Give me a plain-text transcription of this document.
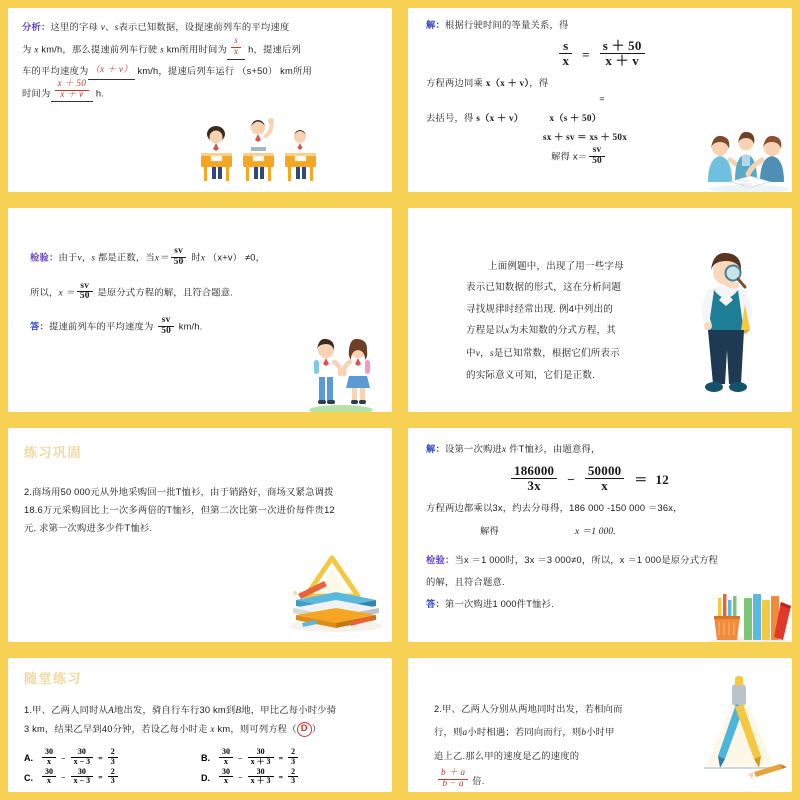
分析：这里的字母 v、s表示已知数据，设提速前列车的平均速度

为 x km/h，那么提速前列车行驶 s km所用时间为 $\frac{s}{x}$ h，提速后列

车的平均速度为 （x ＋ v） km/h，提速后列车运行 （s+50） km所用

时间为 $\frac{x + 50}{x + v} h$.

解：根据行驶时间的等量关系，得

$\frac{s}{x} = \frac{s + 50}{x + v}$

方程两边同乘 x（x ＋ v），得

=

去括号，得 s（x ＋ v）	x（s ＋ 50）

sx ＋ sv ＝ xs ＋ 50x

解得 $x= \frac{sv}{50}$

检验：由于v，s 都是正数，当$x= \frac{sv}{50}$ 时x （x+v） ≠0，

所以，$x = \frac{sv}{50}$ 是原分式方程的解，且符合题意.

答：提速前列车的平均速度为 $\frac{sv}{50} km/h$.

上面例题中，出现了用一些字母

表示已知数据的形式，这在分析问题

寻找规律时经常出现. 例4中列出的

方程是以x为未知数的分式方程，其

中v，s是已知常数，根据它们所表示

的实际意义可知，它们是正数.

练习巩固

2.商场用50 000元从外地采购回一批T恤衫，由于销路好，商场又紧急调拨

18.6万元采购回比上一次多两倍的T恤衫，但第二次比第一次进价每件贵12

元. 求第一次购进多少件T恤衫.

解：设第一次购进x 件T恤衫，由题意得，

$\frac{186000}{3x} - \frac{50000}{x} = 12$

方程两边都乘以3x，约去分母得，186 000 -150 000 ＝36x，

解得	x ＝1 000.

检验：当x ＝1 000时，3x ＝3 000≠0，所以，x ＝1 000是原分式方程

的解，且符合题意.

答：第一次购进1 000件T恤衫.

随堂练习

1.甲、乙两人同时从A地出发，骑自行车行30 km到B地，甲比乙每小时少骑

3 km，结果乙早到40分钟，若设乙每小时走 x km，则可列方程（ D ）

A. $\frac{30}{x} - \frac{30}{x - 3} = \frac{2}{3}$	B. $\frac{30}{x} - \frac{30}{x + 3} = \frac{2}{3}$
C. $\frac{30}{x} - \frac{30}{x - 3} = \frac{2}{3}$	D. $\frac{30}{x} - \frac{30}{x + 3} = \frac{2}{3}$

2.甲、乙两人分别从两地同时出发，若相向而

行，则a小时相遇；若同向而行，则b小时甲

追上乙.那么甲的速度是乙的速度的

$\frac{b + a}{b - a}$ 倍.
